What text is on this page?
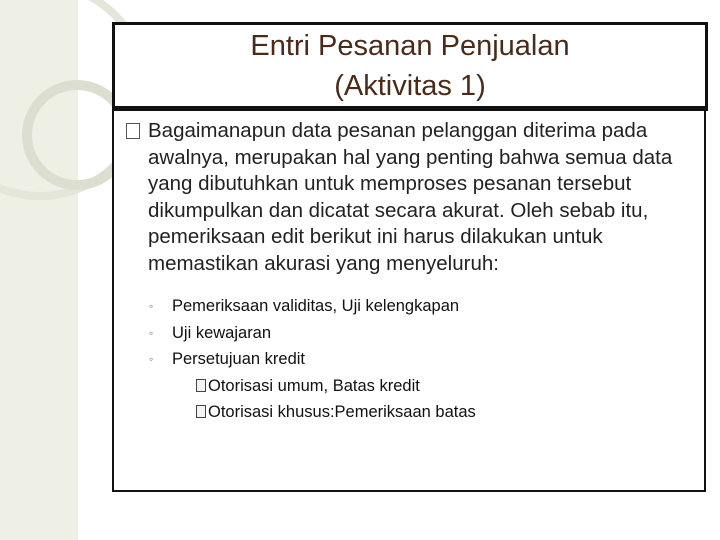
Entri Pesanan Penjualan
(Aktivitas 1)
Bagaimanapun data pesanan pelanggan diterima pada awalnya, merupakan hal yang penting bahwa semua data yang dibutuhkan untuk memproses pesanan tersebut dikumpulkan dan dicatat secara akurat. Oleh sebab itu, pemeriksaan edit berikut ini harus dilakukan untuk memastikan akurasi yang menyeluruh:
◦ Pemeriksaan validitas, Uji kelengkapan
◦ Uji kewajaran
◦ Persetujuan kredit
Otorisasi umum, Batas kredit
Otorisasi khusus:Pemeriksaan batas
